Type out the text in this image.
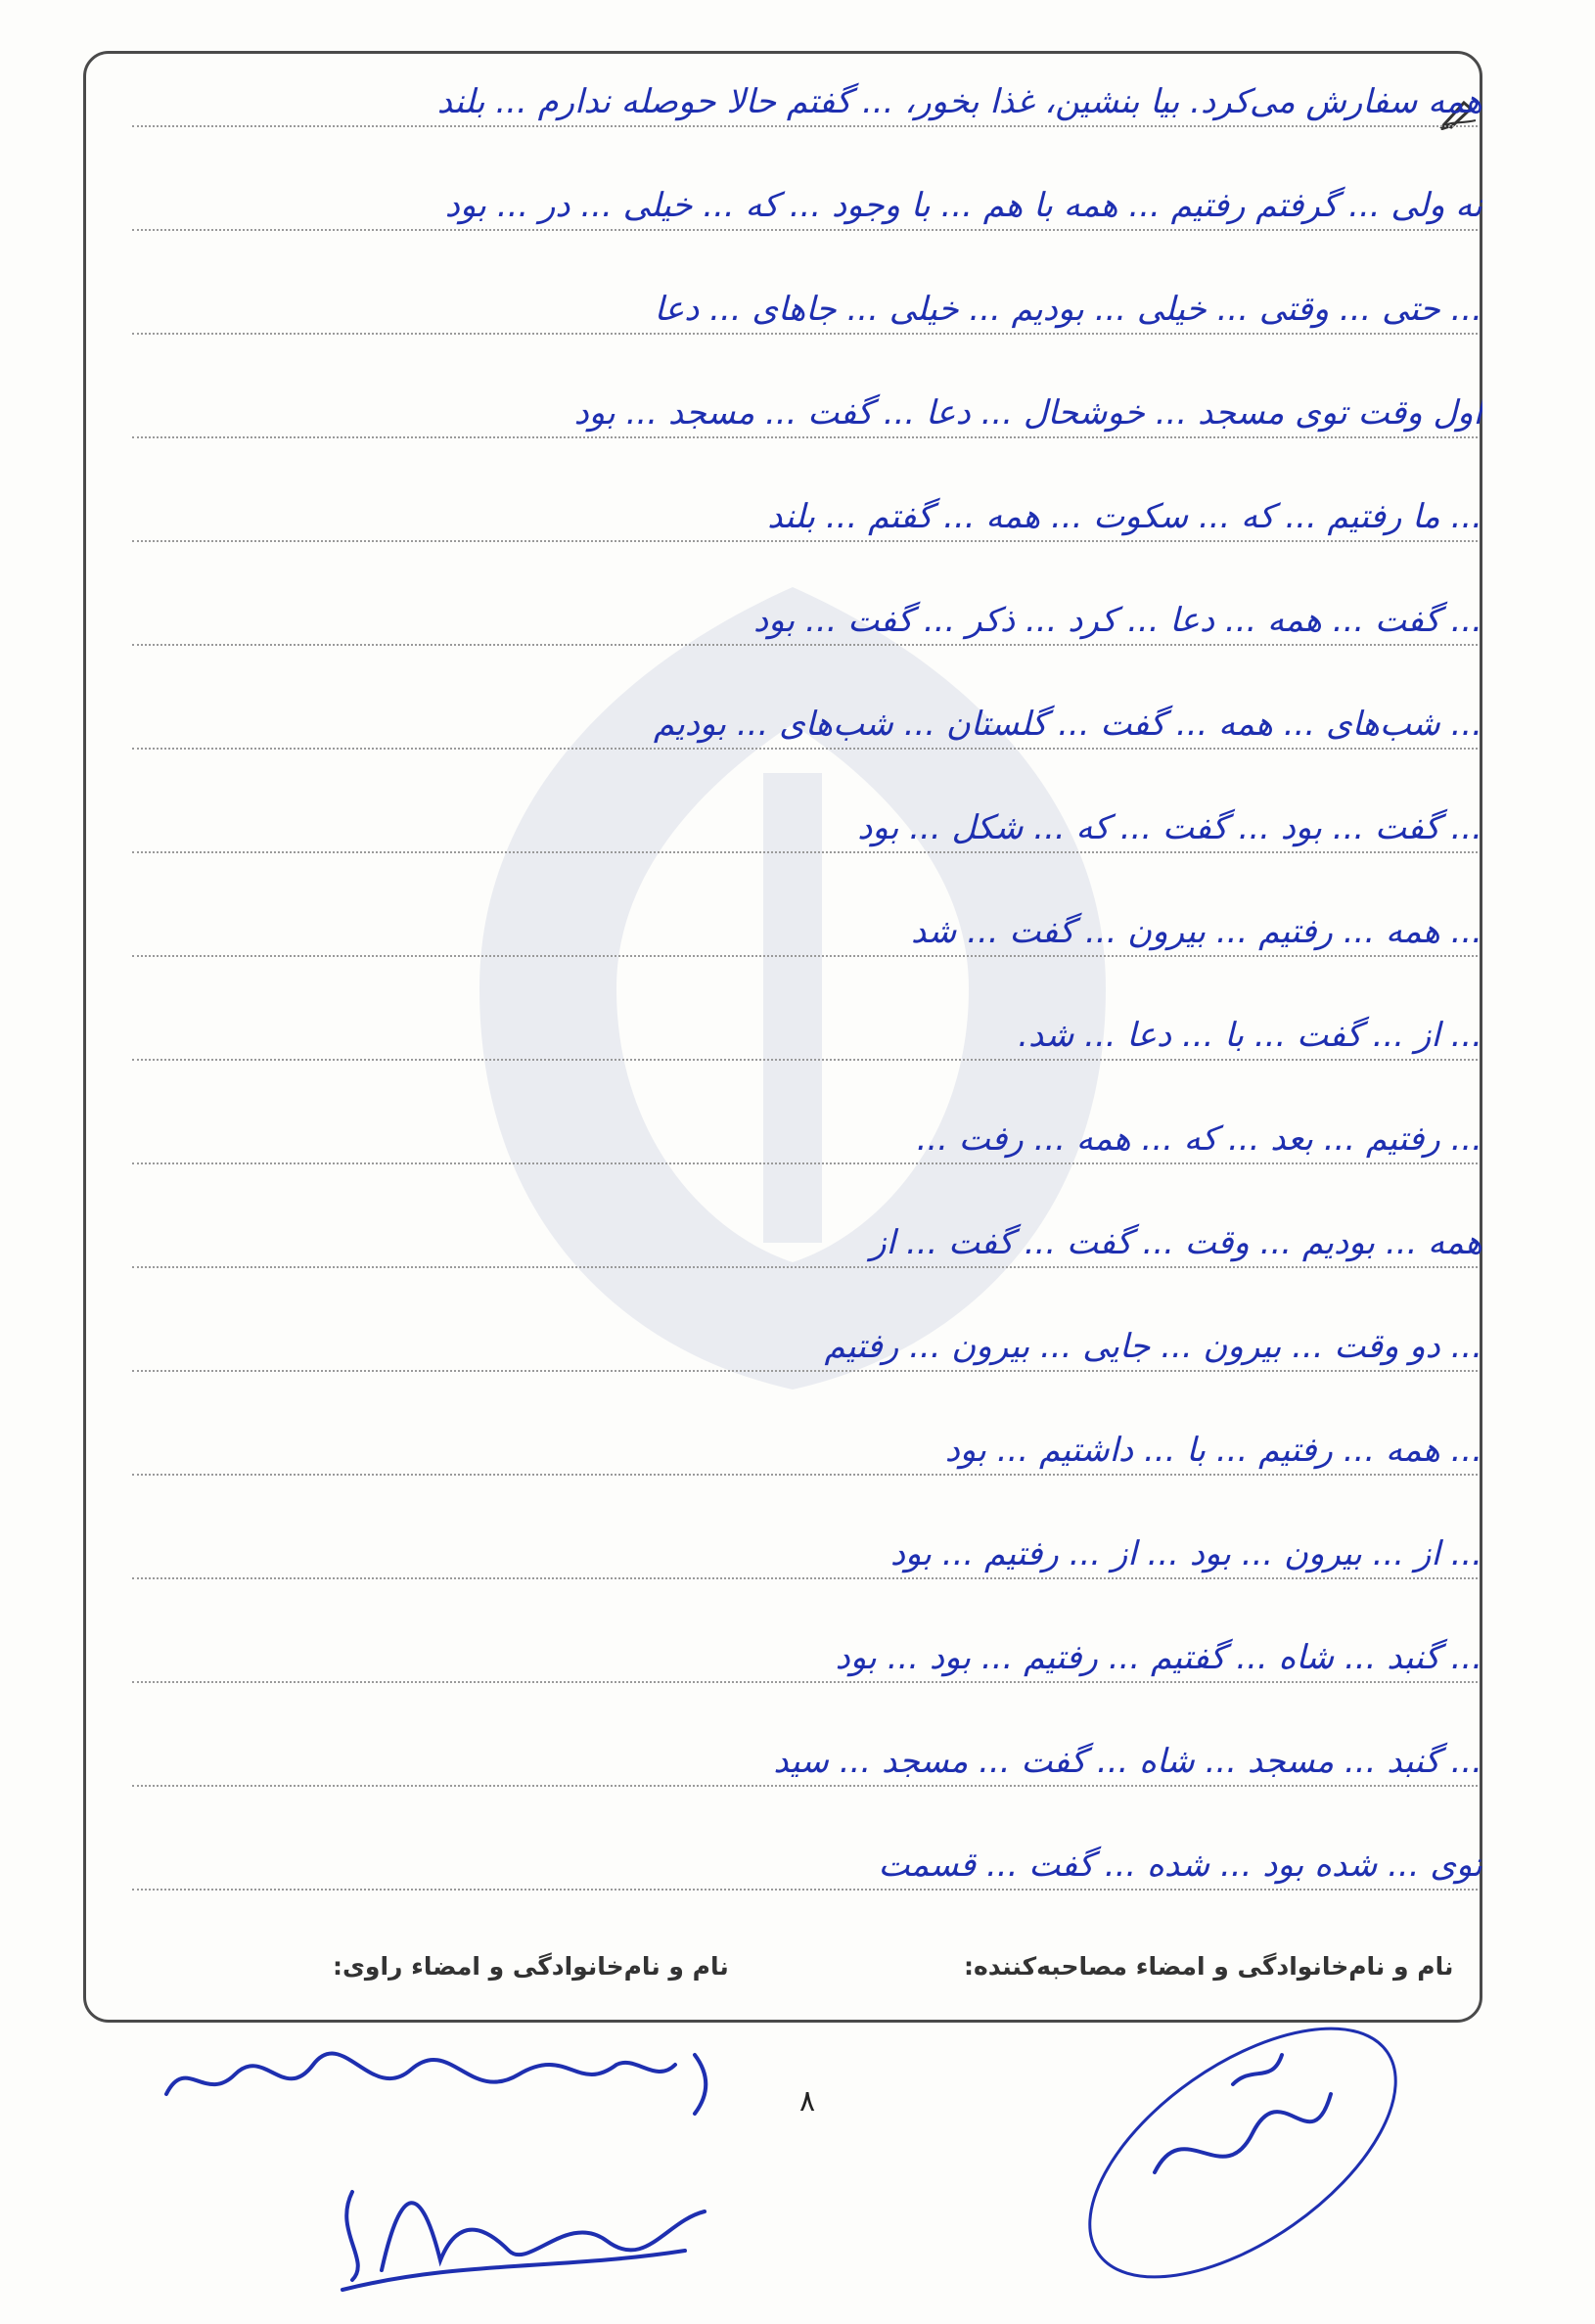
همه سفارش می‌کرد. بیا بنشین، غذا بخور، ... گفتم حالا حوصله ندارم ... بلند
نه ولی ... گرفتم رفتیم ... همه با هم ... با وجود ... که ... خیلی ... در ... بود
... حتی ... وقتی ... خیلی ... بودیم ... خیلی ... جاهای ... دعا
اول وقت توی مسجد ... خوشحال ... دعا ... گفت ... مسجد ... بود
... ما رفتیم ... که ... سکوت ... همه ... گفتم ... بلند
... گفت ... همه ... دعا ... کرد ... ذکر ... گفت ... بود
... شب‌های ... همه ... گفت ... گلستان ... شب‌های ... بودیم
... گفت ... بود ... گفت ... که ... شکل ... بود
... همه ... رفتیم ... بیرون ... گفت ... شد
... از ... گفت ... با ... دعا ... شد.
... رفتیم ... بعد ... که ... همه ... رفت ...
همه ... بودیم ... وقت ... گفت ... گفت ... از
... دو وقت ... بیرون ... جایی ... بیرون ... رفتیم
... همه ... رفتیم ... با ... داشتیم ... بود
... از ... بیرون ... بود ... از ... رفتیم ... بود
... گنبد ... شاه ... گفتیم ... رفتیم ... بود ... بود
... گنبد ... مسجد ... شاه ... گفت ... مسجد ... سید
توی ... شده بود ... شده ... گفت ... قسمت
نام و نام‌خانوادگی و امضاء مصاحبه‌کننده:
نام و نام‌خانوادگی و امضاء راوی:
۸
